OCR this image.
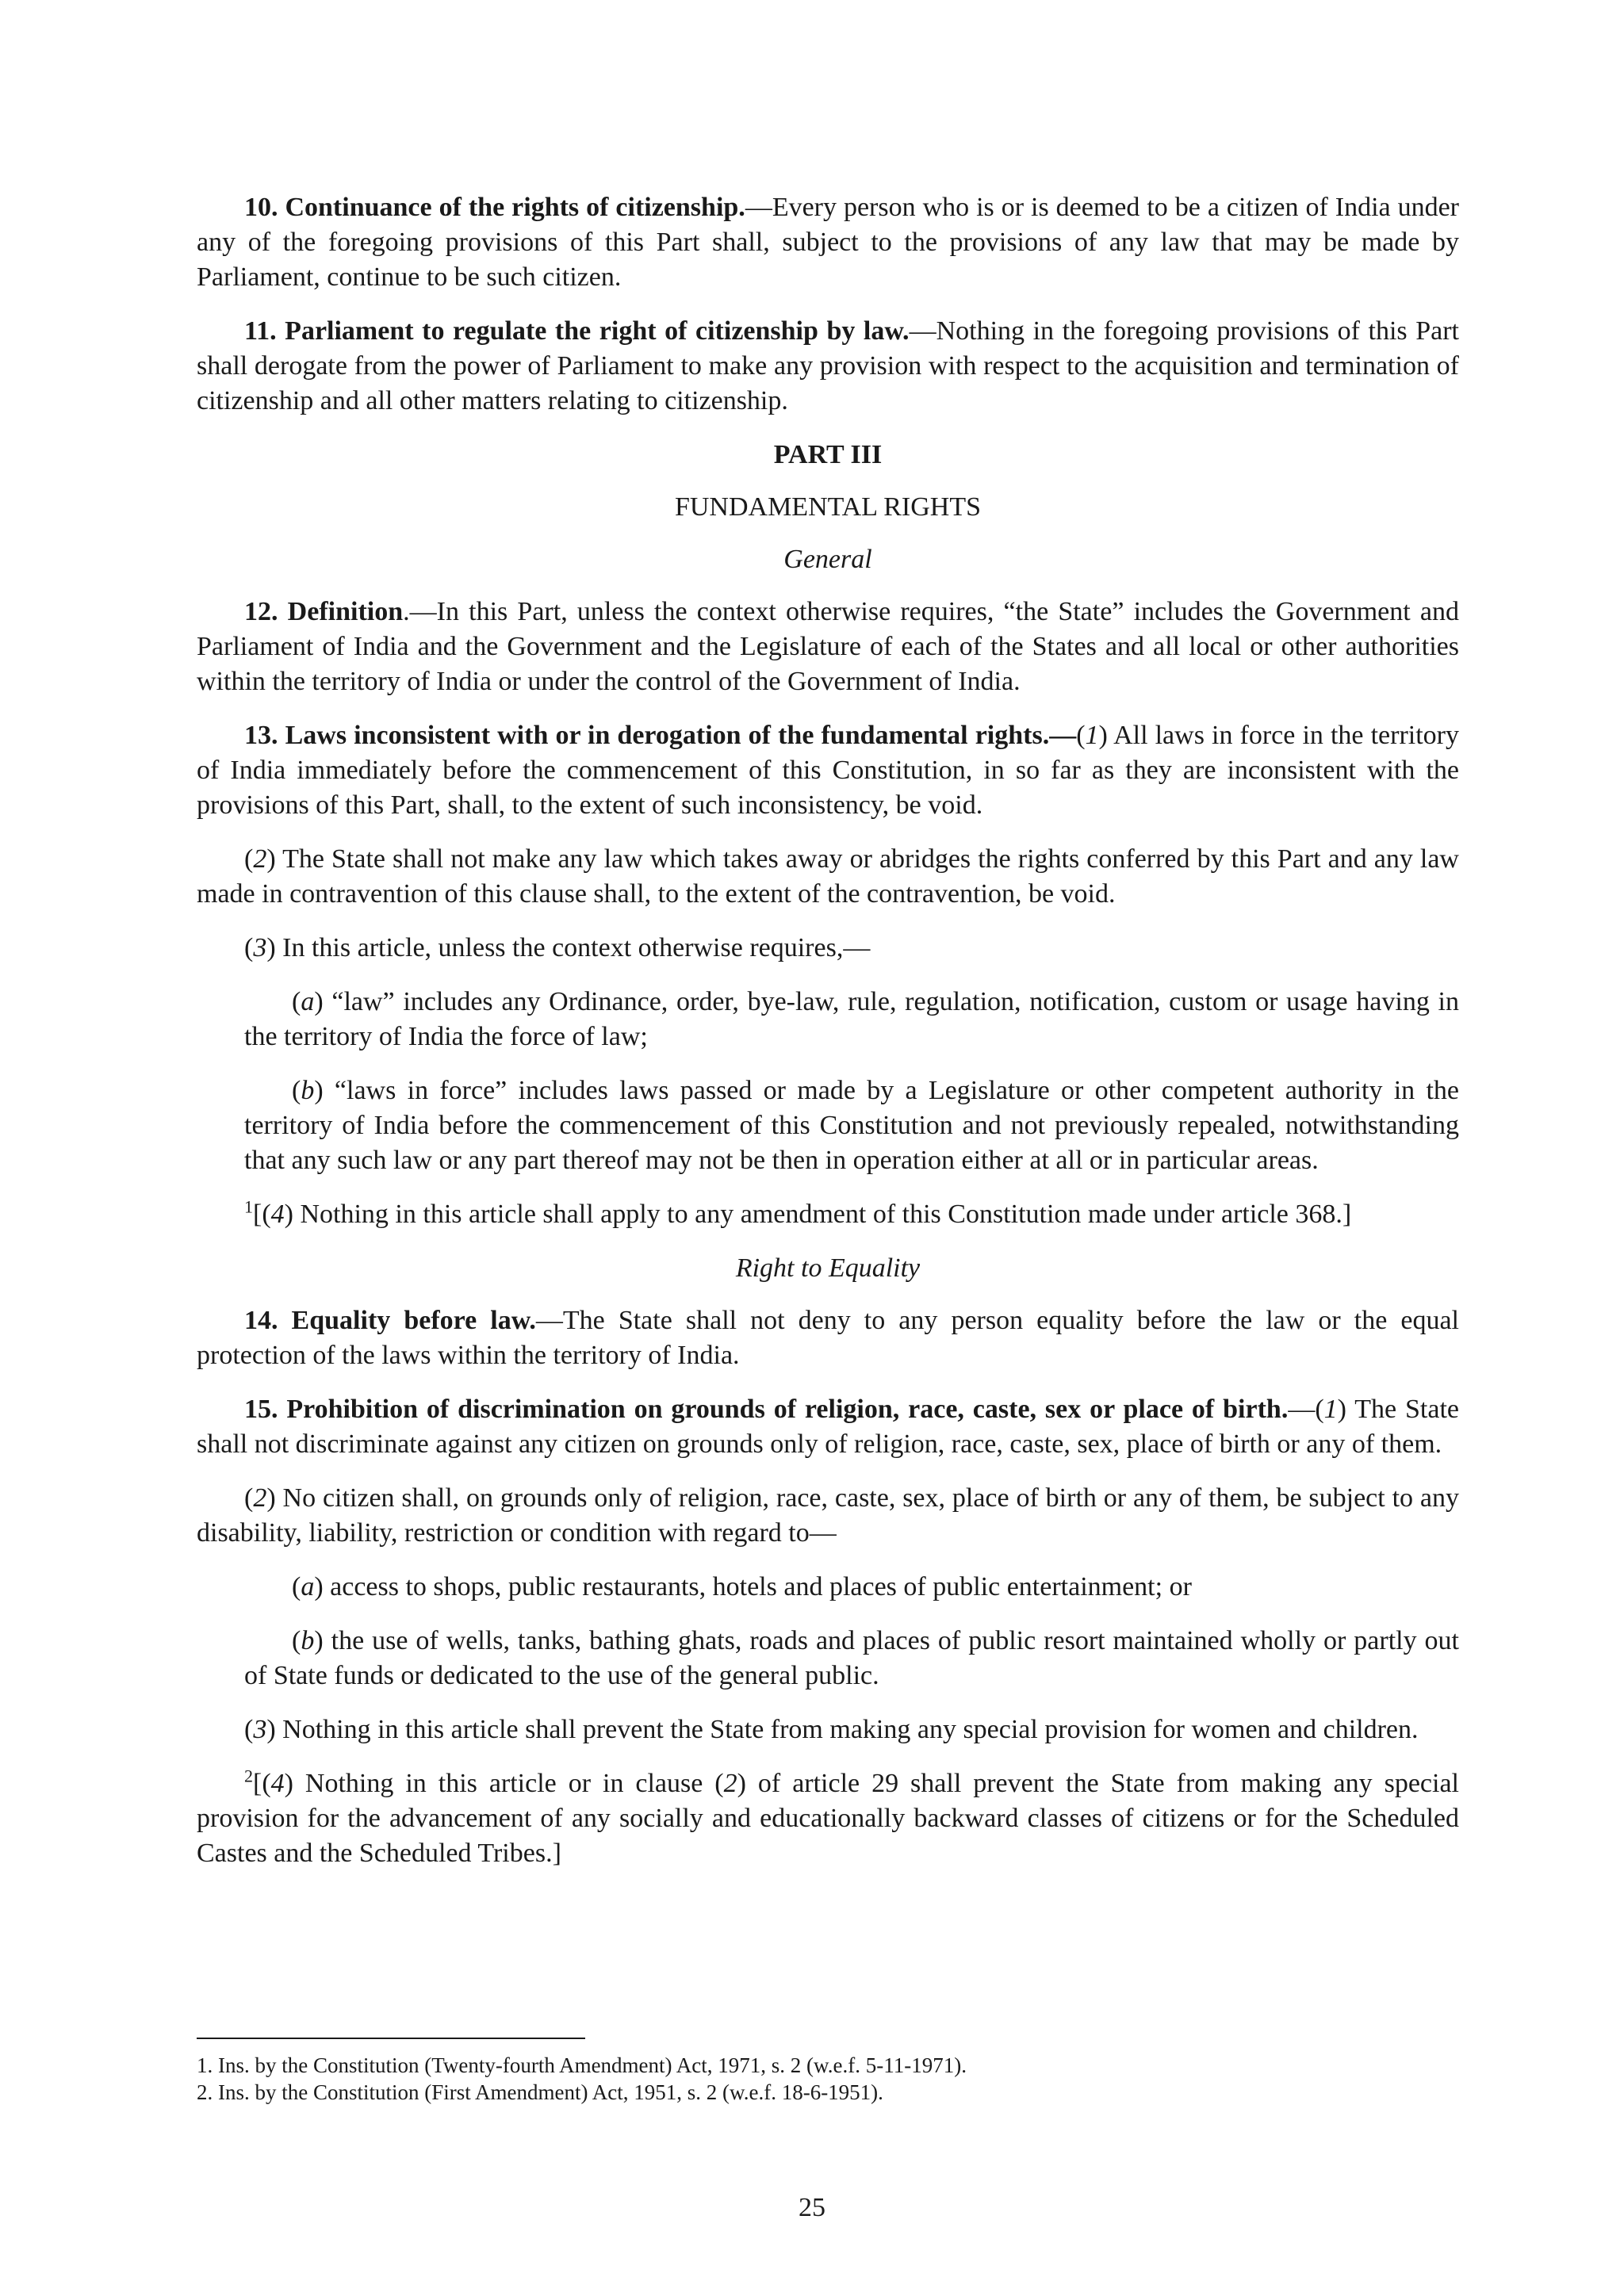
10. Continuance of the rights of citizenship.—Every person who is or is deemed to be a citizen of India under any of the foregoing provisions of this Part shall, subject to the provisions of any law that may be made by Parliament, continue to be such citizen.

11. Parliament to regulate the right of citizenship by law.—Nothing in the foregoing provisions of this Part shall derogate from the power of Parliament to make any provision with respect to the acquisition and termination of citizenship and all other matters relating to citizenship.

PART III

FUNDAMENTAL RIGHTS

General

12. Definition.—In this Part, unless the context otherwise requires, “the State” includes the Government and Parliament of India and the Government and the Legislature of each of the States and all local or other authorities within the territory of India or under the control of the Government of India.

13. Laws inconsistent with or in derogation of the fundamental rights.—(1) All laws in force in the territory of India immediately before the commencement of this Constitution, in so far as they are inconsistent with the provisions of this Part, shall, to the extent of such inconsistency, be void.

(2) The State shall not make any law which takes away or abridges the rights conferred by this Part and any law made in contravention of this clause shall, to the extent of the contravention, be void.

(3) In this article, unless the context otherwise requires,—

(a) “law” includes any Ordinance, order, bye-law, rule, regulation, notification, custom or usage having in the territory of India the force of law;

(b) “laws in force” includes laws passed or made by a Legislature or other competent authority in the territory of India before the commencement of this Constitution and not previously repealed, notwithstanding that any such law or any part thereof may not be then in operation either at all or in particular areas.

$^1$[(4) Nothing in this article shall apply to any amendment of this Constitution made under article 368.]

Right to Equality

14. Equality before law.—The State shall not deny to any person equality before the law or the equal protection of the laws within the territory of India.

15. Prohibition of discrimination on grounds of religion, race, caste, sex or place of birth.—(1) The State shall not discriminate against any citizen on grounds only of religion, race, caste, sex, place of birth or any of them.

(2) No citizen shall, on grounds only of religion, race, caste, sex, place of birth or any of them, be subject to any disability, liability, restriction or condition with regard to—

(a) access to shops, public restaurants, hotels and places of public entertainment; or

(b) the use of wells, tanks, bathing ghats, roads and places of public resort maintained wholly or partly out of State funds or dedicated to the use of the general public.

(3) Nothing in this article shall prevent the State from making any special provision for women and children.

$^2$[(4) Nothing in this article or in clause (2) of article 29 shall prevent the State from making any special provision for the advancement of any socially and educationally backward classes of citizens or for the Scheduled Castes and the Scheduled Tribes.]

1. Ins. by the Constitution (Twenty-fourth Amendment) Act, 1971, s. 2 (w.e.f. 5-11-1971).

2. Ins. by the Constitution (First Amendment) Act, 1951, s. 2 (w.e.f. 18-6-1951).

25
